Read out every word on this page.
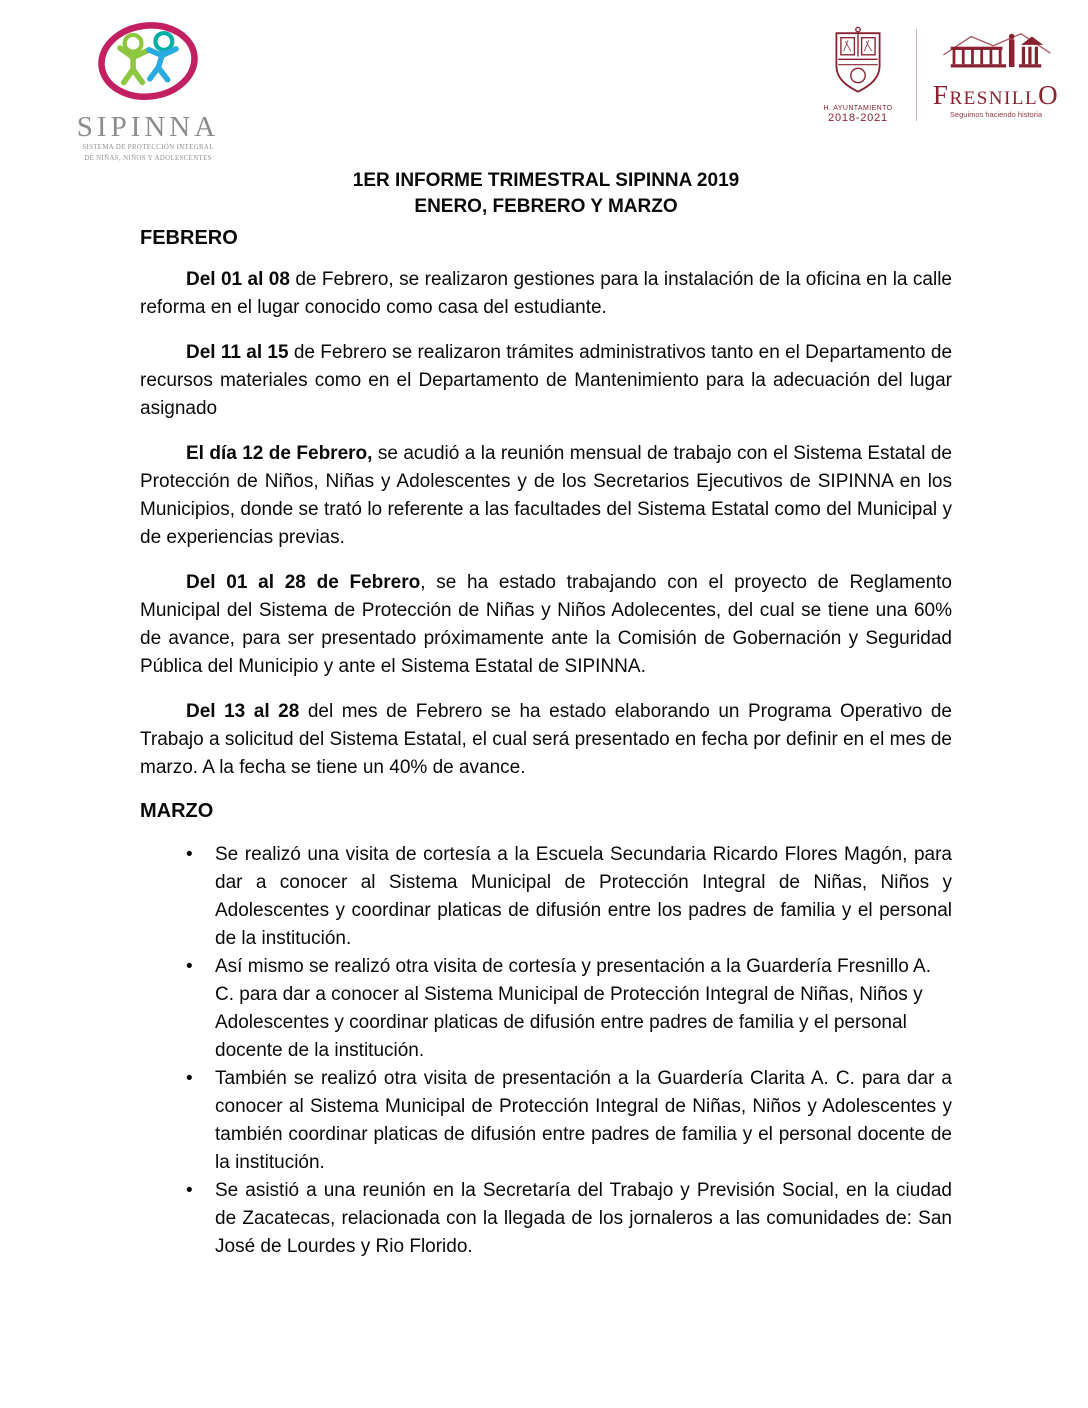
SIPINNA
SISTEMA DE PROTECCIÓN INTEGRAL
DE NIÑAS, NIÑOS Y ADOLESCENTES
H. AYUNTAMIENTO
2018-2021
FRESNILLO
Seguimos haciendo historia
1ER INFORME TRIMESTRAL SIPINNA 2019
ENERO, FEBRERO Y MARZO
FEBRERO

Del 01 al 08 de Febrero, se realizaron gestiones para la instalación de la oficina en la calle reforma en el lugar conocido como casa del estudiante.

Del 11 al 15 de Febrero se realizaron trámites administrativos tanto en el Departamento de recursos materiales como en el Departamento de Mantenimiento para la adecuación del lugar asignado

El día 12 de Febrero, se acudió a la reunión mensual de trabajo con el Sistema Estatal de Protección de Niños, Niñas y Adolescentes y de los Secretarios Ejecutivos de SIPINNA en los Municipios, donde se trató lo referente a las facultades del Sistema Estatal como del Municipal y de experiencias previas.

Del 01 al 28 de Febrero, se ha estado trabajando con el proyecto de Reglamento Municipal del Sistema de Protección de Niñas y Niños Adolecentes, del cual se tiene una 60% de avance, para ser presentado próximamente ante la Comisión de Gobernación y Seguridad Pública del Municipio y ante el Sistema Estatal de SIPINNA.

Del 13 al 28 del mes de Febrero se ha estado elaborando un Programa Operativo de Trabajo a solicitud del Sistema Estatal, el cual será presentado en fecha por definir en el mes de marzo. A la fecha se tiene un 40% de avance.

MARZO
• Se realizó una visita de cortesía a la Escuela Secundaria Ricardo Flores Magón, para dar a conocer al Sistema Municipal de Protección Integral de Niñas, Niños y Adolescentes y coordinar platicas de difusión entre los padres de familia y el personal de la institución.
• Así mismo se realizó otra visita de cortesía y presentación a la Guardería Fresnillo A. C. para dar a conocer al Sistema Municipal de Protección Integral de Niñas, Niños y Adolescentes y coordinar platicas de difusión entre padres de familia y el personal docente de la institución.
• También se realizó otra visita de presentación a la Guardería Clarita A. C. para dar a conocer al Sistema Municipal de Protección Integral de Niñas, Niños y Adolescentes y también coordinar platicas de difusión entre padres de familia y el personal docente de la institución.
• Se asistió a una reunión en la Secretaría del Trabajo y Previsión Social, en la ciudad de Zacatecas, relacionada con la llegada de los jornaleros a las comunidades de: San José de Lourdes y Rio Florido.
